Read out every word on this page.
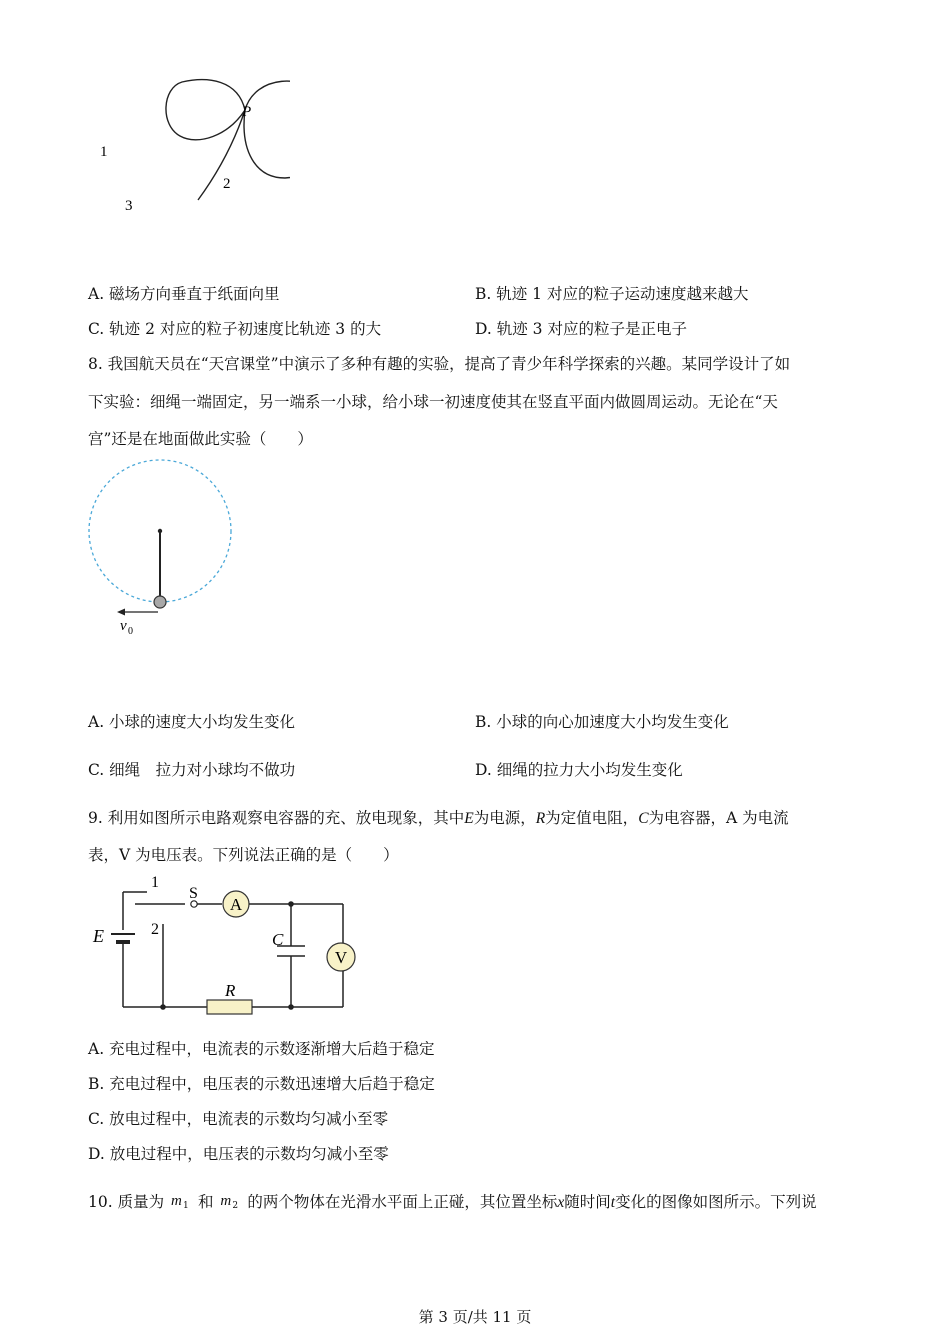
P
1
2
3
A. 磁场方向垂直于纸面向里	B. 轨迹 1 对应的粒子运动速度越来越大
C. 轨迹 2 对应的粒子初速度比轨迹 3 的大	D. 轨迹 3 对应的粒子是正电子
8. 我国航天员在“天宫课堂”中演示了多种有趣的实验，提高了青少年科学探索的兴趣。某同学设计了如
下实验：细绳一端固定，另一端系一小球，给小球一初速度使其在竖直平面内做圆周运动。无论在“天
宫”还是在地面做此实验（　　）
v 0
A. 小球的速度大小均发生变化	B. 小球的向心加速度大小均发生变化
C. 细绳　拉力对小球均不做功	D. 细绳的拉力大小均发生变化
9. 利用如图所示电路观察电容器的充、放电现象，其中E为电源，R为定值电阻，C为电容器，A 为电流
表，V 为电压表。下列说法正确的是（　　）
A
V
E
1
2
S
C
R
A. 充电过程中，电流表的示数逐渐增大后趋于稳定
B. 充电过程中，电压表的示数迅速增大后趋于稳定
C. 放电过程中，电流表的示数均匀减小至零
D. 放电过程中，电压表的示数均匀减小至零
10. 质量为 m 1 和 m 2 的两个物体在光滑水平面上正碰，其位置坐标x随时间t变化的图像如图所示。下列说
第 3 页/共 11 页
